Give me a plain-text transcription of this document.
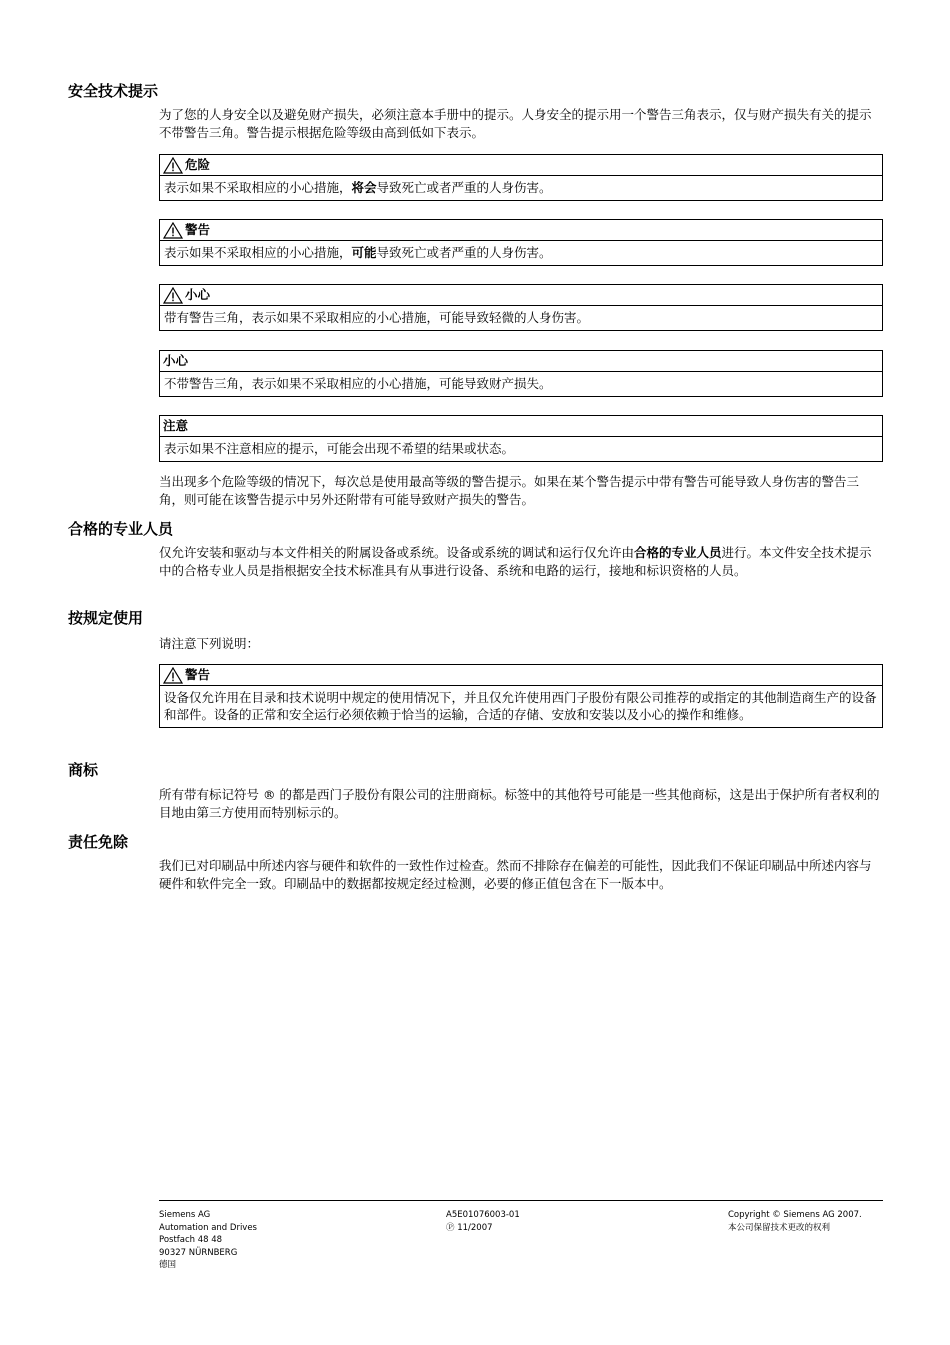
安全技术提示

为了您的人身安全以及避免财产损失，必须注意本手册中的提示。人身安全的提示用一个警告三角表示，仅与财产损失有关的提示不带警告三角。警告提示根据危险等级由高到低如下表示。

危险
表示如果不采取相应的小心措施，将会导致死亡或者严重的人身伤害。
警告
表示如果不采取相应的小心措施，可能导致死亡或者严重的人身伤害。
小心
带有警告三角，表示如果不采取相应的小心措施，可能导致轻微的人身伤害。
小心
不带警告三角，表示如果不采取相应的小心措施，可能导致财产损失。
注意
表示如果不注意相应的提示，可能会出现不希望的结果或状态。

当出现多个危险等级的情况下，每次总是使用最高等级的警告提示。如果在某个警告提示中带有警告可能导致人身伤害的警告三角，则可能在该警告提示中另外还附带有可能导致财产损失的警告。

合格的专业人员

仅允许安装和驱动与本文件相关的附属设备或系统。设备或系统的调试和运行仅允许由合格的专业人员进行。本文件安全技术提示中的合格专业人员是指根据安全技术标准具有从事进行设备、系统和电路的运行，接地和标识资格的人员。

按规定使用

请注意下列说明：

警告
设备仅允许用在目录和技术说明中规定的使用情况下，并且仅允许使用西门子股份有限公司推荐的或指定的其他制造商生产的设备和部件。设备的正常和安全运行必须依赖于恰当的运输，合适的存储、安放和安装以及小心的操作和维修。
商标

所有带有标记符号 ® 的都是西门子股份有限公司的注册商标。标签中的其他符号可能是一些其他商标，这是出于保护所有者权利的 目地由第三方使用而特别标示的。

责任免除

我们已对印刷品中所述内容与硬件和软件的一致性作过检查。然而不排除存在偏差的可能性，因此我们不保证印刷品中所述内容与硬件和软件完全一致。印刷品中的数据都按规定经过检测，必要的修正值包含在下一版本中。

Siemens AG
Automation and Drives
Postfach 48 48
90327 NÜRNBERG
德国
A5E01076003-01
Ⓟ 11/2007
Copyright © Siemens AG 2007.
本公司保留技术更改的权利
